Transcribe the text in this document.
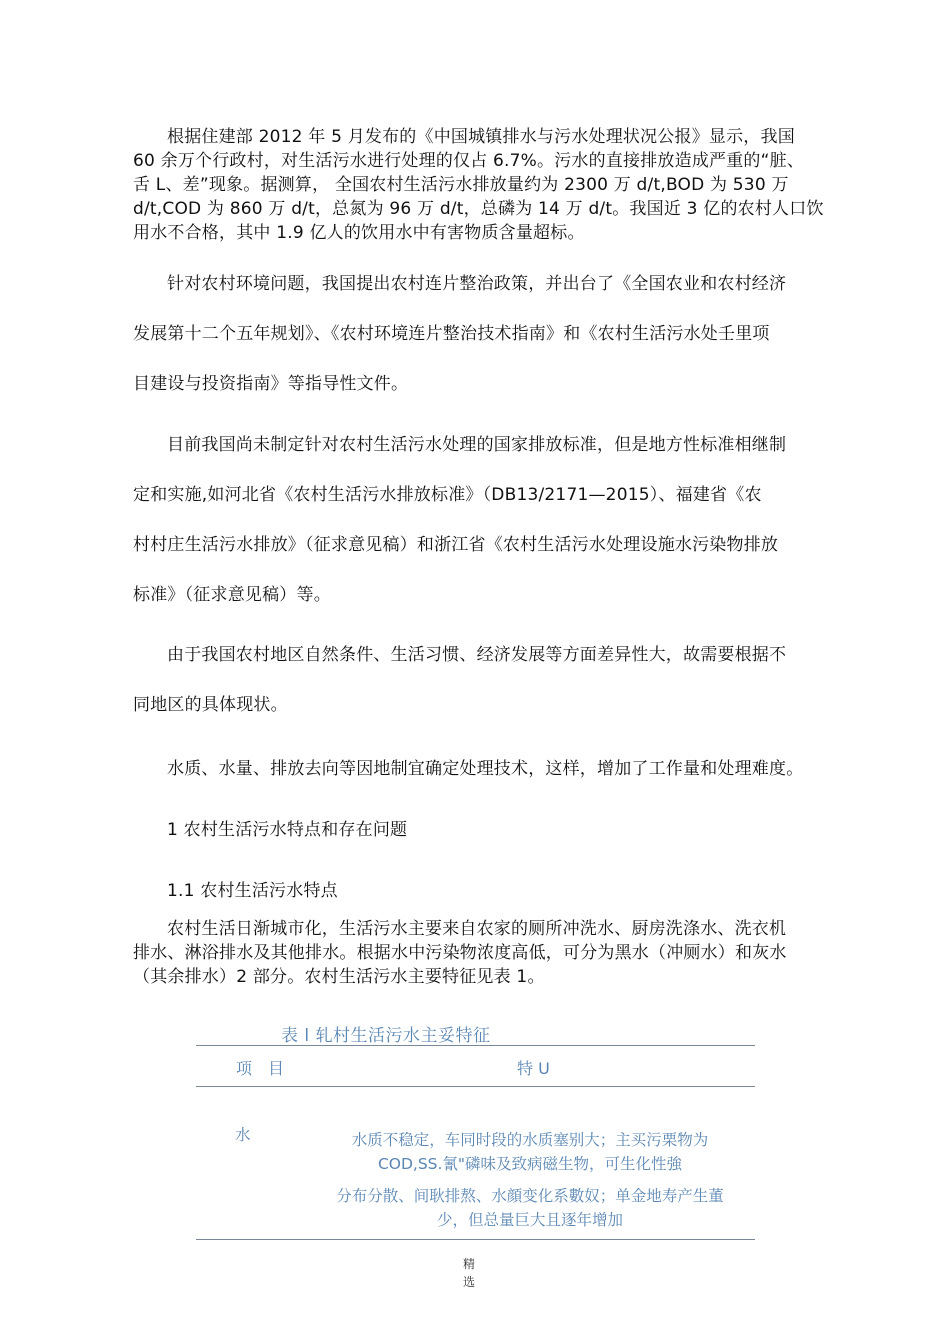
根据住建部 2012 年 5 月发布的《中国城镇排水与污水处理状况公报》显示，我国
60 余万个行政村，对生活污水进行处理的仅占 6.7%。污水的直接排放造成严重的“脏、
舌 L、差”现象。据测算， 全国农村生活污水排放量约为 2300 万 d/t,BOD 为 530 万
d/t,COD 为 860 万 d/t，总氮为 96 万 d/t，总磷为 14 万 d/t。我国近 3 亿的农村人口饮
用水不合格，其中 1.9 亿人的饮用水中有害物质含量超标。
针对农村环境问题，我国提出农村连片整治政策，并出台了《全国农业和农村经济
发展第十二个五年规划》、《农村环境连片整治技术指南》和《农村生活污水处壬里项
目建设与投资指南》等指导性文件。
目前我国尚未制定针对农村生活污水处理的国家排放标准，但是地方性标准相继制
定和实施,如河北省《农村生活污水排放标准》（DB13/2171—2015）、福建省《农
村村庄生活污水排放》（征求意见稿）和浙江省《农村生活污水处理设施水污染物排放
标准》（征求意见稿）等。
由于我国农村地区自然条件、生活习惯、经济发展等方面差异性大，故需要根据不
同地区的具体现状。
水质、水量、排放去向等因地制宜确定处理技术，这样，增加了工作量和处理难度。
1 农村生活污水特点和存在问题
1.1 农村生活污水特点
农村生活日渐城市化，生活污水主要来自农家的厕所冲洗水、厨房洗涤水、洗衣机
排水、淋浴排水及其他排水。根据水中污染物浓度高低，可分为黑水（冲厕水）和灰水
（其余排水）2 部分。农村生活污水主要特征见表 1。
表 l 轧村生活污水主妥特征
项　目	特 U
水	水质不稳定，车同时段的水质塞别大；主买污栗物为
COD,SS.氰"磷味及致病磁生物，可生化性強
分布分散、间耿排熬、水顔变化系數奴；单金地寿产生董
少，但总量巨大且逐年增加
精
选
